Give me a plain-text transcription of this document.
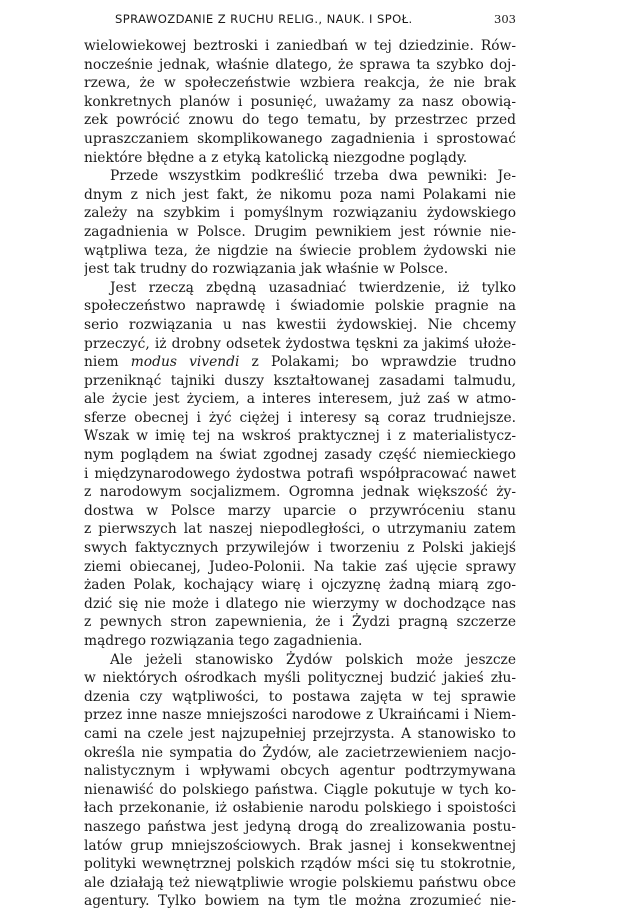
SPRAWOZDANIE Z RUCHU RELIG., NAUK. I SPOŁ.	303
wielowiekowej beztroski i zaniedbań w tej dziedzinie. Rów-
nocześnie jednak, właśnie dlatego, że sprawa ta szybko doj-
rzewa, że w społeczeństwie wzbiera reakcja, że nie brak
konkretnych planów i posunięć, uważamy za nasz obowią-
zek powrócić znowu do tego tematu, by przestrzec przed
upraszczaniem skomplikowanego zagadnienia i sprostować
niektóre błędne a z etyką katolicką niezgodne poglądy.
Przede wszystkim podkreślić trzeba dwa pewniki: Je-
dnym z nich jest fakt, że nikomu poza nami Polakami nie
zależy na szybkim i pomyślnym rozwiązaniu żydowskiego
zagadnienia w Polsce. Drugim pewnikiem jest równie nie-
wątpliwa teza, że nigdzie na świecie problem żydowski nie
jest tak trudny do rozwiązania jak właśnie w Polsce.
Jest rzeczą zbędną uzasadniać twierdzenie, iż tylko
społeczeństwo naprawdę i świadomie polskie pragnie na
serio rozwiązania u nas kwestii żydowskiej. Nie chcemy
przeczyć, iż drobny odsetek żydostwa tęskni za jakimś ułoże-
niem modus vivendi z Polakami; bo wprawdzie trudno
przeniknąć tajniki duszy kształtowanej zasadami talmudu,
ale życie jest życiem, a interes interesem, już zaś w atmo-
sferze obecnej i żyć ciężej i interesy są coraz trudniejsze.
Wszak w imię tej na wskroś praktycznej i z materialistycz-
nym poglądem na świat zgodnej zasady część niemieckiego
i międzynarodowego żydostwa potrafi współpracować nawet
z narodowym socjalizmem. Ogromna jednak większość ży-
dostwa w Polsce marzy uparcie o przywróceniu stanu
z pierwszych lat naszej niepodległości, o utrzymaniu zatem
swych faktycznych przywilejów i tworzeniu z Polski jakiejś
ziemi obiecanej, Judeo-Polonii. Na takie zaś ujęcie sprawy
żaden Polak, kochający wiarę i ojczyznę żadną miarą zgo-
dzić się nie może i dlatego nie wierzymy w dochodzące nas
z pewnych stron zapewnienia, że i Żydzi pragną szczerze
mądrego rozwiązania tego zagadnienia.
Ale jeżeli stanowisko Żydów polskich może jeszcze
w niektórych ośrodkach myśli politycznej budzić jakieś złu-
dzenia czy wątpliwości, to postawa zajęta w tej sprawie
przez inne nasze mniejszości narodowe z Ukraińcami i Niem-
cami na czele jest najzupełniej przejrzysta. A stanowisko to
określa nie sympatia do Żydów, ale zacietrzewieniem nacjo-
nalistycznym i wpływami obcych agentur podtrzymywana
nienawiść do polskiego państwa. Ciągle pokutuje w tych ko-
łach przekonanie, iż osłabienie narodu polskiego i spoistości
naszego państwa jest jedyną drogą do zrealizowania postu-
latów grup mniejszościowych. Brak jasnej i konsekwentnej
polityki wewnętrznej polskich rządów mści się tu stokrotnie,
ale działają też niewątpliwie wrogie polskiemu państwu obce
agentury. Tylko bowiem na tym tle można zrozumieć nie-
